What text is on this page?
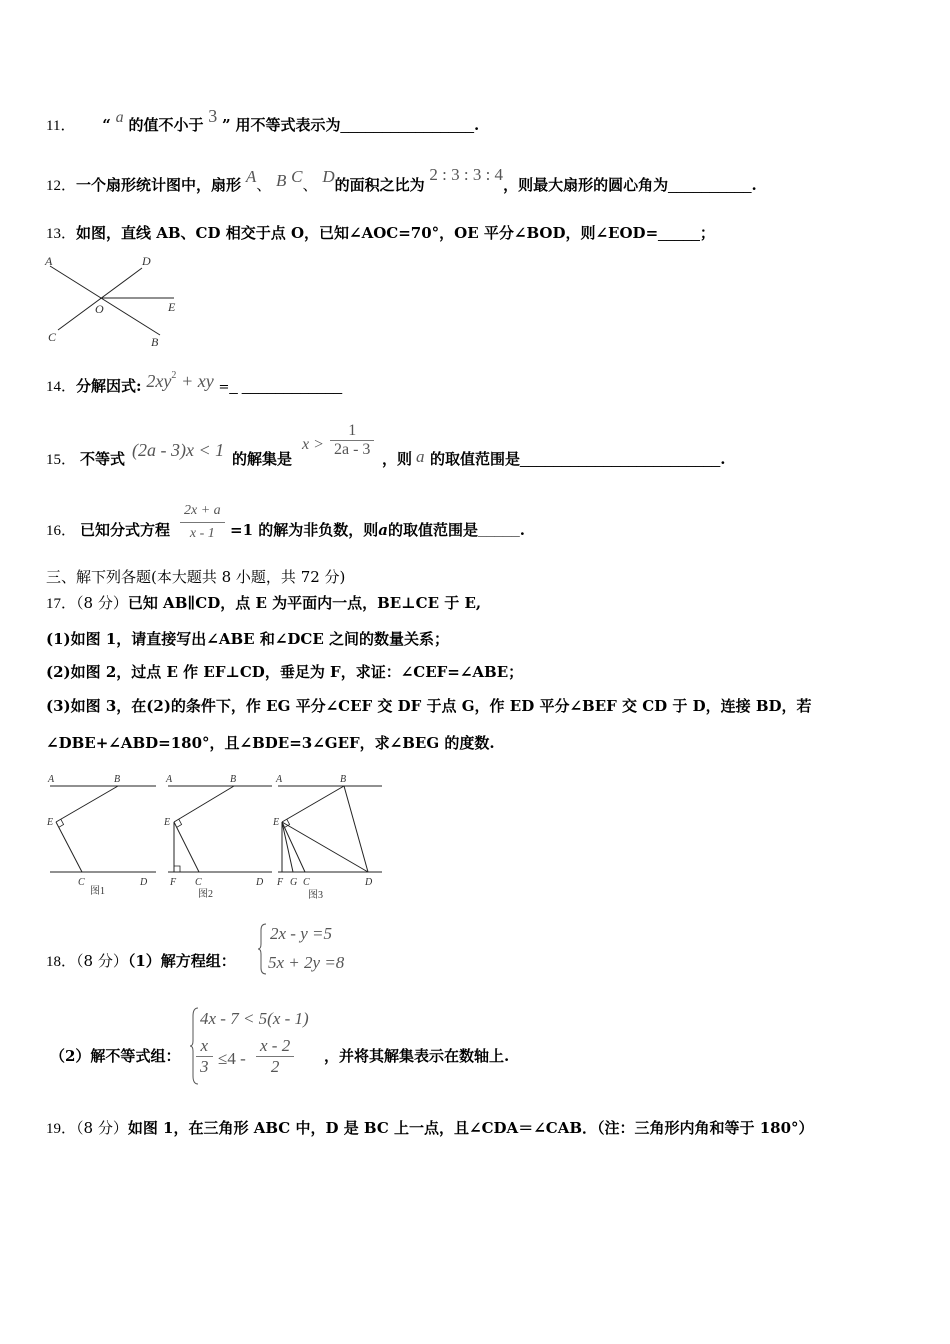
11． “ a 的值不小于 3 ” 用不等式表示为________________.
12．一个扇形统计图中，扇形 A、 B C、 D的面积之比为 2 : 3 : 3 : 4，则最大扇形的圆心角为__________.
13．如图，直线 AB、CD 相交于点 O，已知∠AOC=70°，OE 平分∠BOD，则∠EOD=_____；
A	D
E
O
C	B
14．分解因式: $2xy^2$ + xy =_ ____________
15． 不等式 (2a - 3)x < 1 的解集是
$x > \frac{1}{2a - 3}$ ，则 a 的取值范围是________________________.
16． 已知分式方程 $\frac{2x + a}{x - 1} =1$ 的解为非负数，则a的取值范围是_____.
三、解下列各题(本大题共 8 小题，共 72 分)
17．（8 分）已知 AB∥CD，点 E 为平面内一点，BE⊥CE 于 E,
(1)如图 1，请直接写出∠ABE 和∠DCE 之间的数量关系；
(2)如图 2，过点 E 作 EF⊥CD，垂足为 F，求证：∠CEF=∠ABE；
(3)如图 3，在(2)的条件下，作 EG 平分∠CEF 交 DF 于点 G，作 ED 平分∠BEF 交 CD 于 D，连接 BD，若
∠DBE+∠ABD=180°，且∠BDE=3∠GEF，求∠BEG 的度数.
A	B
E
C	D
图1
A	B
E
F C	D
图2
A	B
E
F G C	D
图3
18．（8 分）（1）解方程组：
2x - y =5
5x + 2y =8
（2）解不等式组：
4x - 7 < 5(x - 1)
$\frac{x}{3} \le 4 - \frac{x - 2}{2}$ ，并将其解集表示在数轴上.
19．（8 分）如图 1，在三角形 ABC 中，D 是 BC 上一点，且∠CDA＝∠CAB．（注：三角形内角和等于 180°）
